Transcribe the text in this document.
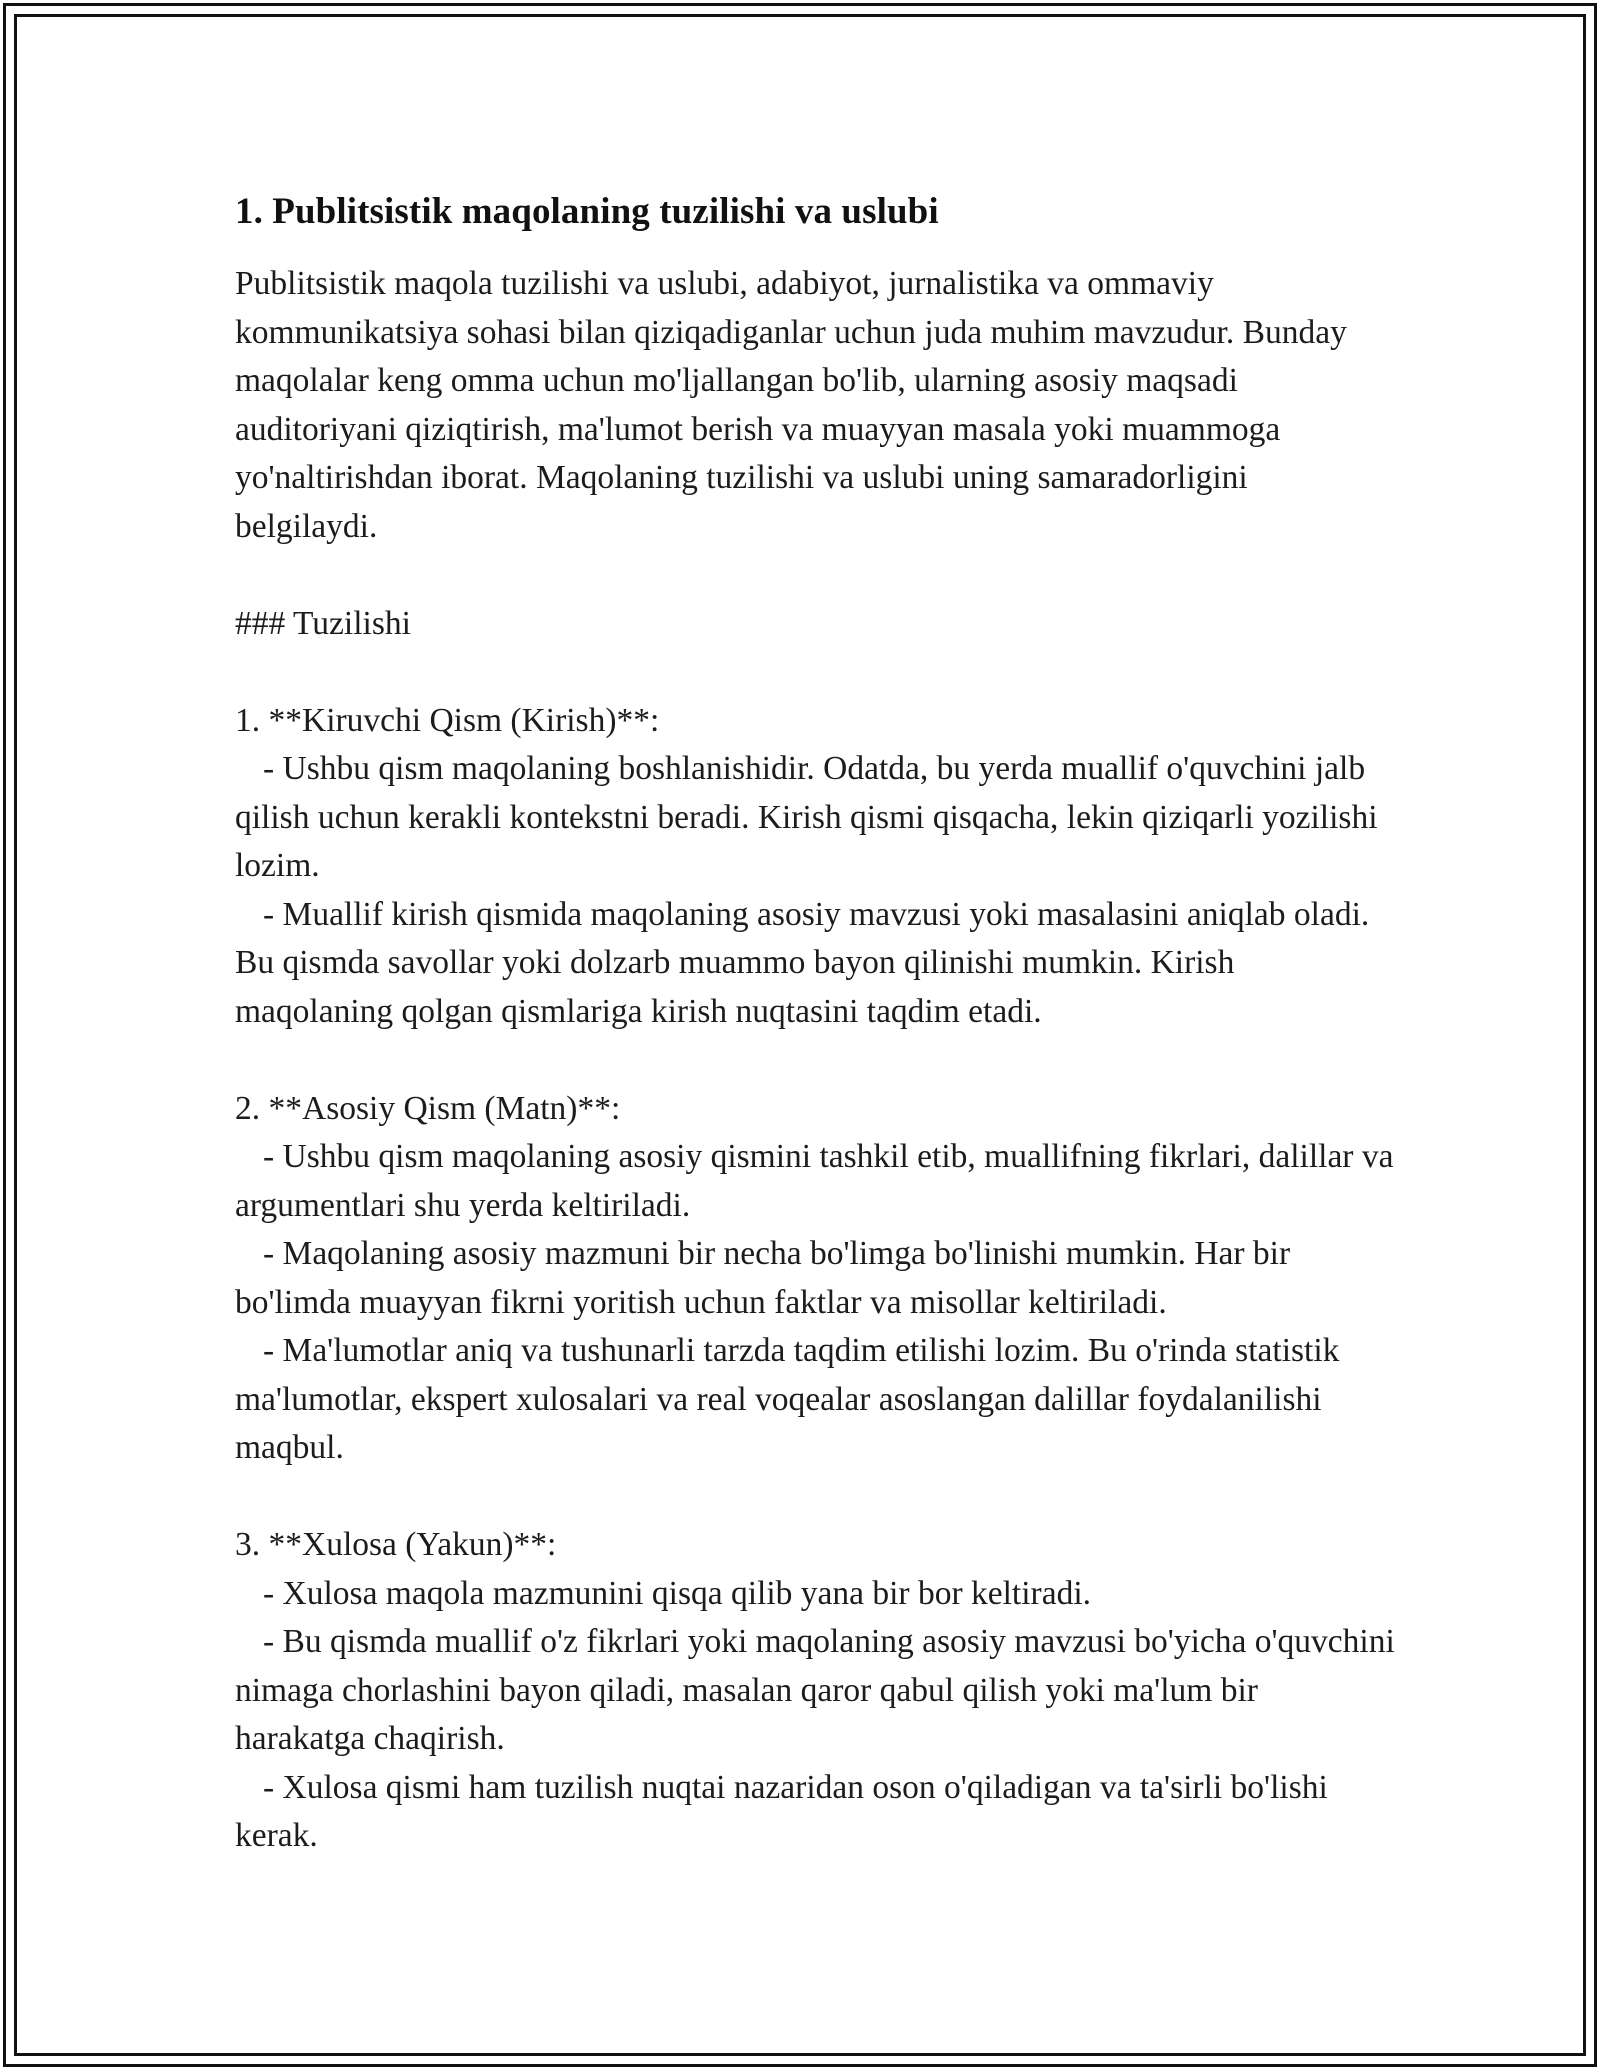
1. Publitsistik maqolaning tuzilishi va uslubi

Publitsistik maqola tuzilishi va uslubi, adabiyot, jurnalistika va ommaviy kommunikatsiya sohasi bilan qiziqadiganlar uchun juda muhim mavzudur. Bunday maqolalar keng omma uchun mo'ljallangan bo'lib, ularning asosiy maqsadi auditoriyani qiziqtirish, ma'lumot berish va muayyan masala yoki muammoga yo'naltirishdan iborat. Maqolaning tuzilishi va uslubi uning samaradorligini belgilaydi.

### Tuzilishi

1. **Kiruvchi Qism (Kirish)**:

- Ushbu qism maqolaning boshlanishidir. Odatda, bu yerda muallif o'quvchini jalb qilish uchun kerakli kontekstni beradi. Kirish qismi qisqacha, lekin qiziqarli yozilishi lozim.

- Muallif kirish qismida maqolaning asosiy mavzusi yoki masalasini aniqlab oladi. Bu qismda savollar yoki dolzarb muammo bayon qilinishi mumkin. Kirish maqolaning qolgan qismlariga kirish nuqtasini taqdim etadi.

2. **Asosiy Qism (Matn)**:

- Ushbu qism maqolaning asosiy qismini tashkil etib, muallifning fikrlari, dalillar va argumentlari shu yerda keltiriladi.

- Maqolaning asosiy mazmuni bir necha bo'limga bo'linishi mumkin. Har bir bo'limda muayyan fikrni yoritish uchun faktlar va misollar keltiriladi.

- Ma'lumotlar aniq va tushunarli tarzda taqdim etilishi lozim. Bu o'rinda statistik ma'lumotlar, ekspert xulosalari va real voqealar asoslangan dalillar foydalanilishi maqbul.

3. **Xulosa (Yakun)**:

- Xulosa maqola mazmunini qisqa qilib yana bir bor keltiradi.

- Bu qismda muallif o'z fikrlari yoki maqolaning asosiy mavzusi bo'yicha o'quvchini nimaga chorlashini bayon qiladi, masalan qaror qabul qilish yoki ma'lum bir harakatga chaqirish.

- Xulosa qismi ham tuzilish nuqtai nazaridan oson o'qiladigan va ta'sirli bo'lishi kerak.
